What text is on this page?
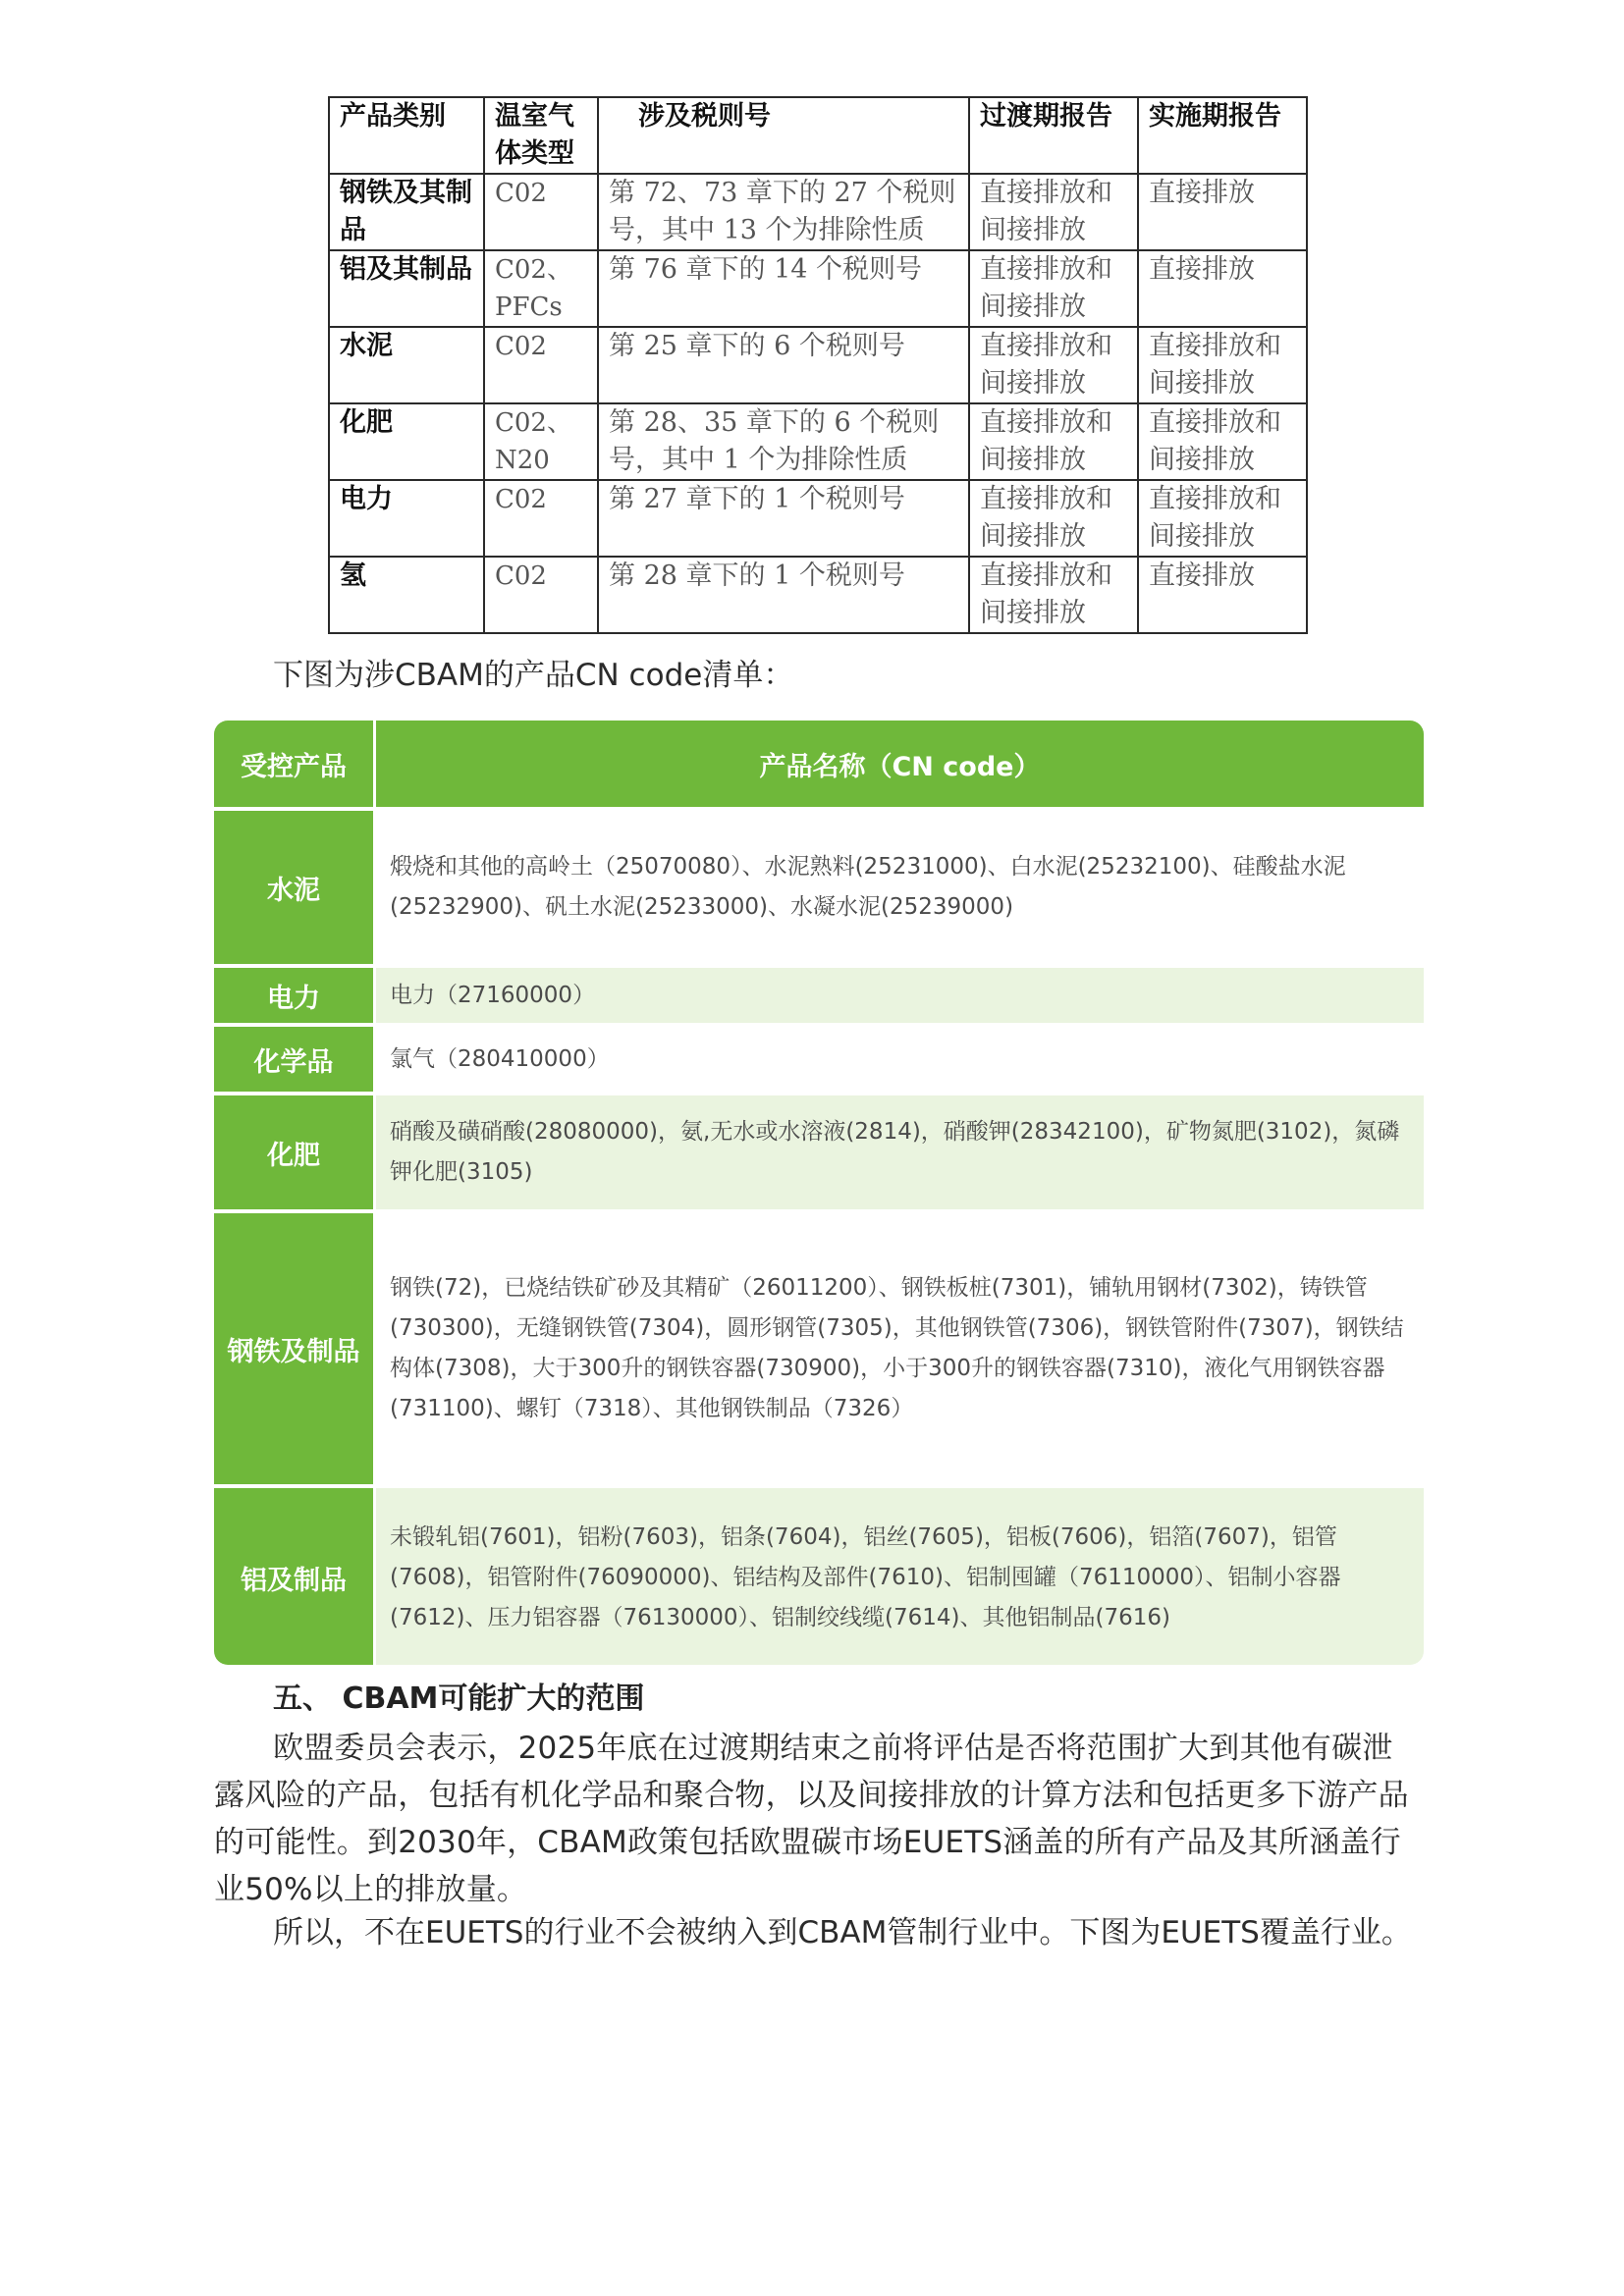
产品类别	温室气体类型	涉及税则号	过渡期报告	实施期报告
钢铁及其制品	C02	第 72、73 章下的 27 个税则号，其中 13 个为排除性质	直接排放和间接排放	直接排放
铝及其制品	C02、PFCs	第 76 章下的 14 个税则号	直接排放和间接排放	直接排放
水泥	C02	第 25 章下的 6 个税则号	直接排放和间接排放	直接排放和间接排放
化肥	C02、N20	第 28、35 章下的 6 个税则号，其中 1 个为排除性质	直接排放和间接排放	直接排放和间接排放
电力	C02	第 27 章下的 1 个税则号	直接排放和间接排放	直接排放和间接排放
氢	C02	第 28 章下的 1 个税则号	直接排放和间接排放	直接排放
下图为涉CBAM的产品CN code清单：
受控产品	产品名称（CN code）
水泥	煅烧和其他的高岭土（25070080）、水泥熟料(25231000)、白水泥(25232100)、硅酸盐水泥(25232900)、矾土水泥(25233000)、水凝水泥(25239000)
电力	电力（27160000）
化学品	氯气（280410000）
化肥	硝酸及磺硝酸(28080000)，氨,无水或水溶液(2814)，硝酸钾(28342100)，矿物氮肥(3102)，氮磷钾化肥(3105)
钢铁及制品	钢铁(72)，已烧结铁矿砂及其精矿（26011200）、钢铁板桩(7301)，铺轨用钢材(7302)，铸铁管(730300)，无缝钢铁管(7304)，圆形钢管(7305)，其他钢铁管(7306)，钢铁管附件(7307)，钢铁结构体(7308)，大于300升的钢铁容器(730900)，小于300升的钢铁容器(7310)，液化气用钢铁容器 (731100)、螺钉（7318）、其他钢铁制品（7326）
铝及制品	未锻轧铝(7601)，铝粉(7603)，铝条(7604)，铝丝(7605)，铝板(7606)，铝箔(7607)，铝管(7608)，铝管附件(76090000)、铝结构及部件(7610)、铝制囤罐（76110000）、铝制小容器(7612)、压力铝容器（76130000）、铝制绞线缆(7614)、其他铝制品(7616)
五、 CBAM可能扩大的范围
欧盟委员会表示，2025年底在过渡期结束之前将评估是否将范围扩大到其他有碳泄露风险的产品，包括有机化学品和聚合物，以及间接排放的计算方法和包括更多下游产品的可能性。到2030年，CBAM政策包括欧盟碳市场EUETS涵盖的所有产品及其所涵盖行业50%以上的排放量。
所以，不在EUETS的行业不会被纳入到CBAM管制行业中。下图为EUETS覆盖行业。
